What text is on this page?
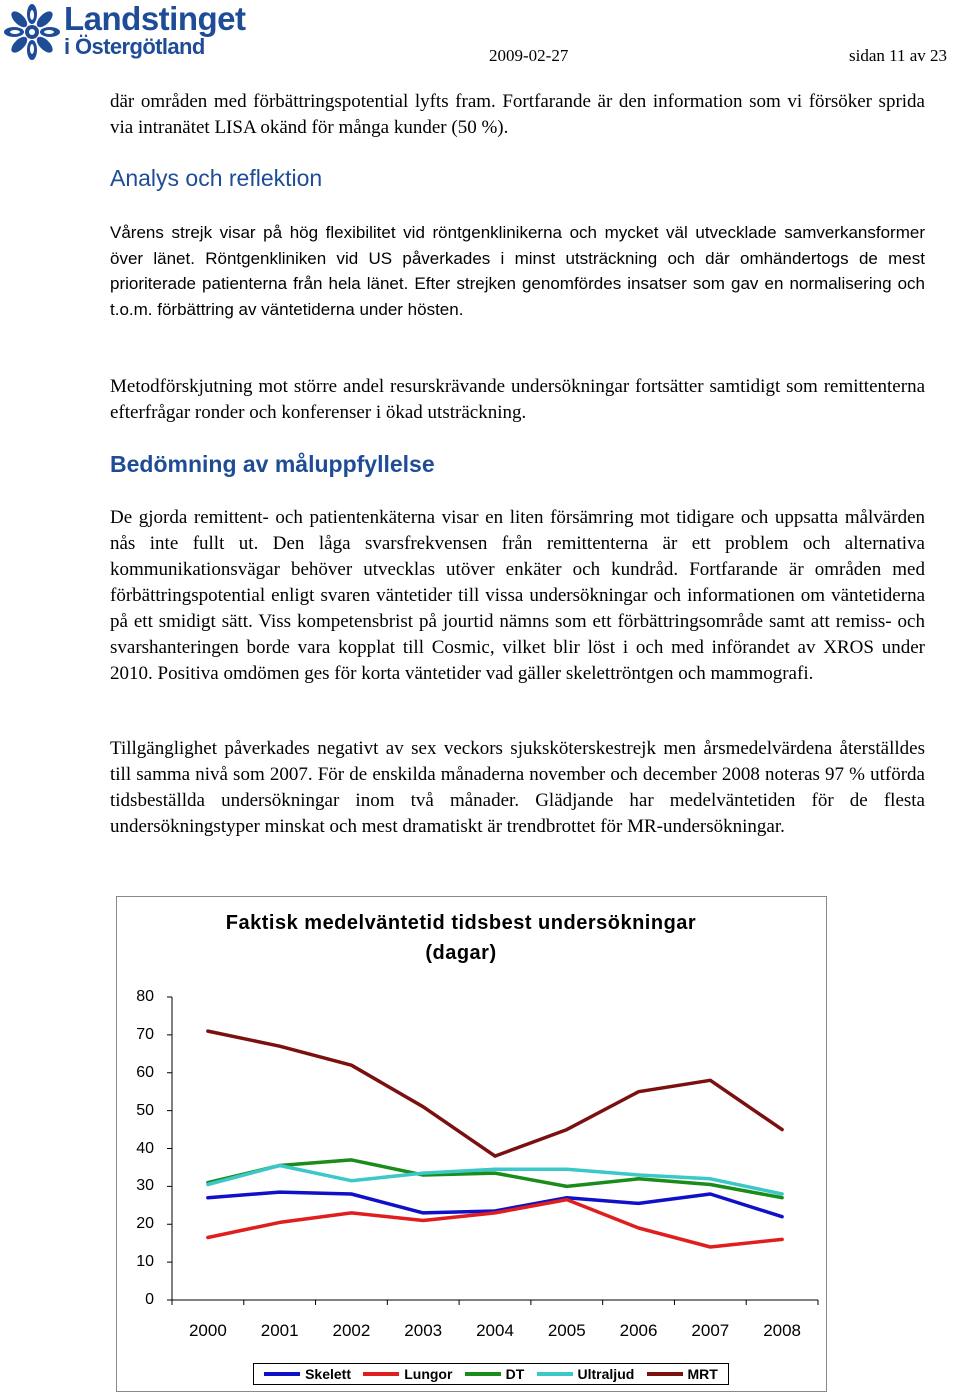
Landstinget
i Östergötland	2009-02-27	sidan 11 av 23

där områden med förbättringspotential lyfts fram. Fortfarande är den information som vi försöker sprida via intranätet LISA okänd för många kunder (50 %).

Analys och reflektion

Vårens strejk visar på hög flexibilitet vid röntgenklinikerna och mycket väl utvecklade samverkansformer över länet. Röntgenkliniken vid US påverkades i minst utsträckning och där omhändertogs de mest prioriterade patienterna från hela länet. Efter strejken genomfördes insatser som gav en normalisering och t.o.m. förbättring av väntetiderna under hösten.

Metodförskjutning mot större andel resurskrävande undersökningar fortsätter samtidigt som remittenterna efterfrågar ronder och konferenser i ökad utsträckning.

Bedömning av måluppfyllelse

De gjorda remittent- och patientenkäterna visar en liten försämring mot tidigare och uppsatta målvärden nås inte fullt ut. Den låga svarsfrekvensen från remittenterna är ett problem och alternativa kommunikationsvägar behöver utvecklas utöver enkäter och kundråd. Fortfarande är områden med förbättringspotential enligt svaren väntetider till vissa undersökningar och informationen om väntetiderna på ett smidigt sätt. Viss kompetensbrist på jourtid nämns som ett förbättringsområde samt att remiss- och svarshanteringen borde vara kopplat till Cosmic, vilket blir löst i och med införandet av XROS under 2010. Positiva omdömen ges för korta väntetider vad gäller skelettröntgen och mammografi.

Tillgänglighet påverkades negativt av sex veckors sjuksköterskestrejk men årsmedelvärdena återställdes till samma nivå som 2007. För de enskilda månaderna november och december 2008 noteras 97 % utförda tidsbeställda undersökningar inom två månader. Glädjande har medelväntetiden för de flesta undersökningstyper minskat och mest dramatiskt är trendbrottet för MR-undersökningar.

Faktisk medelväntetid tidsbest undersökningar
(dagar)
0
10
20
30
40
50
60
70
80
2000	2001	2002	2003	2004	2005	2006	2007	2008
Skelett	Lungor	DT	Ultraljud	MRT
